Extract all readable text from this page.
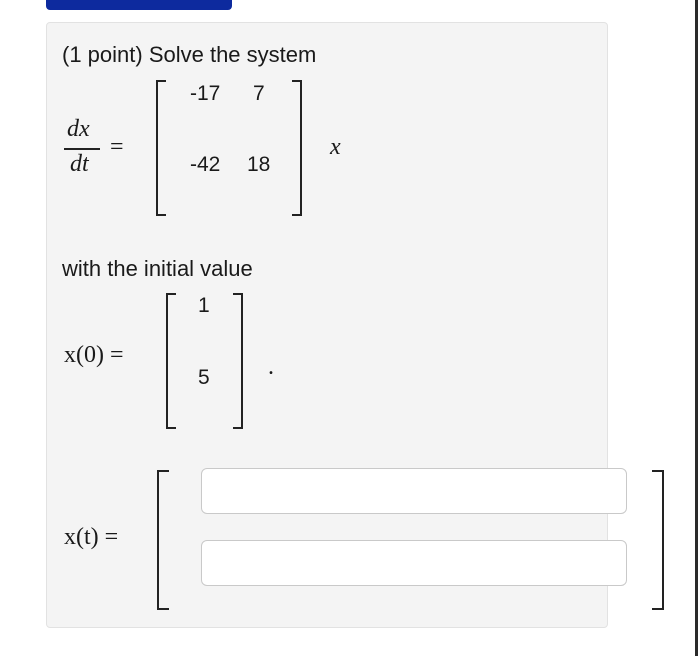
(1 point) Solve the system
dx
dt
=
-17 7
-42 18
x
with the initial value
x(0) =
1
5 .
x(t) =
